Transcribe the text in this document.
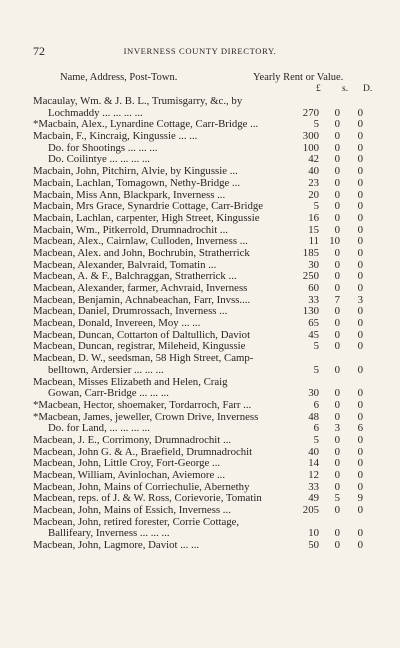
72	INVERNESS COUNTY DIRECTORY.
Name, Address, Post-Town.	Yearly Rent or Value.
£ s. D.
Macaulay, Wm. & J. B. L., Trumisgarry, &c., by
Lochmaddy ... ... ... ...	270	0	0
*Macbain, Alex., Lynardine Cottage, Carr-Bridge ...	5	0	0
Macbain, F., Kincraig, Kingussie ... ...	300	0	0
Do. for Shootings ... ... ...	100	0	0
Do. Coilintye ... ... ... ...	42	0	0
Macbain, John, Pitchirn, Alvie, by Kingussie ...	40	0	0
Macbain, Lachlan, Tomagown, Nethy-Bridge ...	23	0	0
Macbain, Miss Ann, Blackpark, Inverness ...	20	0	0
Macbain, Mrs Grace, Synardrie Cottage, Carr-Bridge	5	0	0
Macbain, Lachlan, carpenter, High Street, Kingussie	16	0	0
Macbain, Wm., Pitkerrold, Drumnadrochit ...	15	0	0
Macbean, Alex., Cairnlaw, Culloden, Inverness ...	11 10	0
Macbean, Alex. and John, Bochrubin, Stratherrick	185	0	0
Macbean, Alexander, Balvraid, Tomatin ...	30	0	0
Macbean, A. & F., Balchraggan, Stratherrick ...	250	0	0
Macbean, Alexander, farmer, Achvraid, Inverness	60	0	0
Macbean, Benjamin, Achnabeachan, Farr, Invss....	33	7	3
Macbean, Daniel, Drumrossach, Inverness ...	130	0	0
Macbean, Donald, Invereen, Moy ... ...	65	0	0
Macbean, Duncan, Cottarton of Daltullich, Daviot	45	0	0
Macbean, Duncan, registrar, Mileheid, Kingussie	5	0	0
Macbean, D. W., seedsman, 58 High Street, Camp-
belltown, Ardersier ... ... ...	5	0	0
Macbean, Misses Elizabeth and Helen, Craig
Gowan, Carr-Bridge ... ... ...	30	0	0
*Macbean, Hector, shoemaker, Tordarroch, Farr ...	6	0	0
*Macbean, James, jeweller, Crown Drive, Inverness	48	0	0
Do. for Land, ... ... ... ...	6	3	6
Macbean, J. E., Corrimony, Drumnadrochit ...	5	0	0
Macbean, John G. & A., Braefield, Drumnadrochit	40	0	0
Macbean, John, Little Croy, Fort-George ...	14	0	0
Macbean, William, Avinlochan, Aviemore ...	12	0	0
Macbean, John, Mains of Corriechulie, Abernethy	33	0	0
Macbean, reps. of J. & W. Ross, Corievorie, Tomatin	49	5	9
Macbean, John, Mains of Essich, Inverness ...	205	0	0
Macbean, John, retired forester, Corrie Cottage,
Ballifeary, Inverness ... ... ...	10	0	0
Macbean, John, Lagmore, Daviot ... ...	50	0	0
